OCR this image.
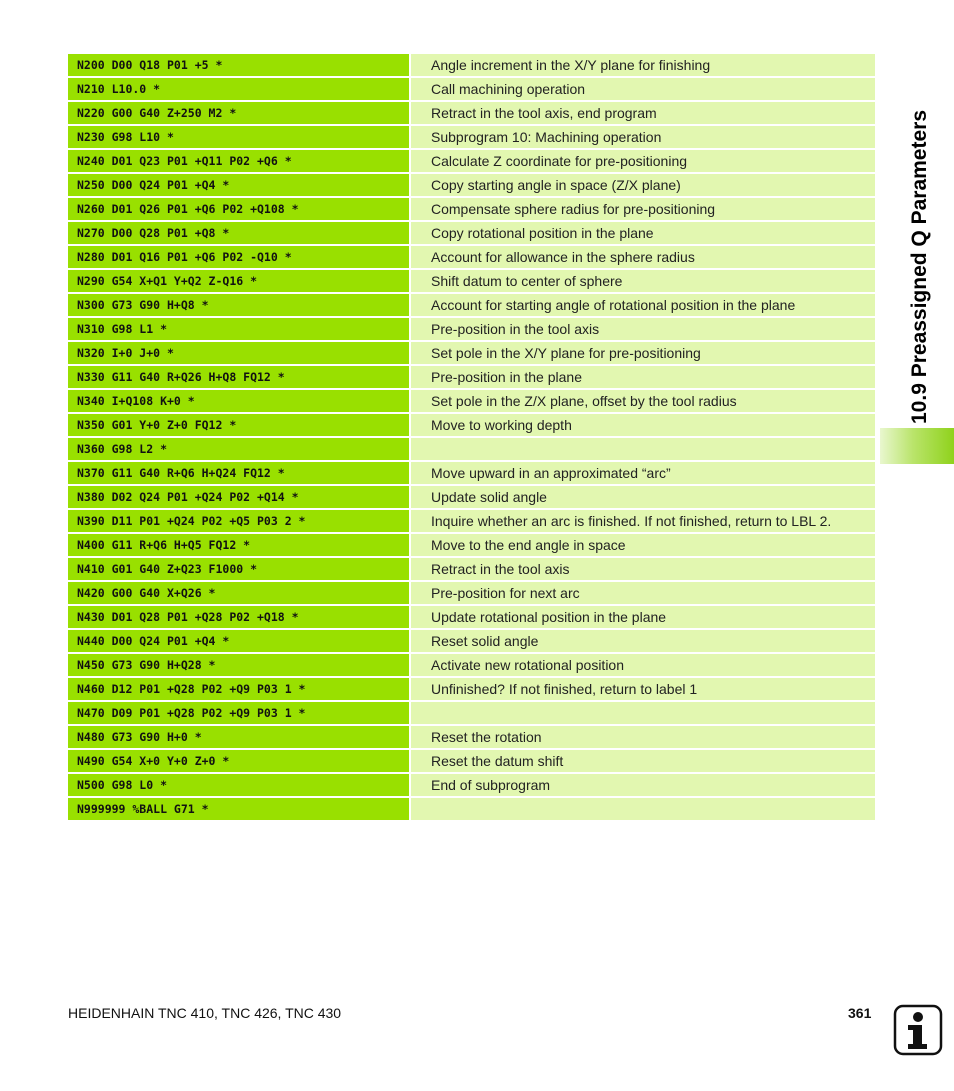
N200 D00 Q18 P01 +5 *	Angle increment in the X/Y plane for finishing
N210 L10.0 *	Call machining operation
N220 G00 G40 Z+250 M2 *	Retract in the tool axis, end program
N230 G98 L10 *	Subprogram 10: Machining operation
N240 D01 Q23 P01 +Q11 P02 +Q6 *	Calculate Z coordinate for pre-positioning
N250 D00 Q24 P01 +Q4 *	Copy starting angle in space (Z/X plane)
N260 D01 Q26 P01 +Q6 P02 +Q108 *	Compensate sphere radius for pre-positioning
N270 D00 Q28 P01 +Q8 *	Copy rotational position in the plane
N280 D01 Q16 P01 +Q6 P02 -Q10 *	Account for allowance in the sphere radius
N290 G54 X+Q1 Y+Q2 Z-Q16 *	Shift datum to center of sphere
N300 G73 G90 H+Q8 *	Account for starting angle of rotational position in the plane
N310 G98 L1 *	Pre-position in the tool axis
N320 I+0 J+0 *	Set pole in the X/Y plane for pre-positioning
N330 G11 G40 R+Q26 H+Q8 FQ12 *	Pre-position in the plane
N340 I+Q108 K+0 *	Set pole in the Z/X plane, offset by the tool radius
N350 G01 Y+0 Z+0 FQ12 *	Move to working depth
N360 G98 L2 *
N370 G11 G40 R+Q6 H+Q24 FQ12 *	Move upward in an approximated “arc”
N380 D02 Q24 P01 +Q24 P02 +Q14 *	Update solid angle
N390 D11 P01 +Q24 P02 +Q5 P03 2 *	Inquire whether an arc is finished. If not finished, return to LBL 2.
N400 G11 R+Q6 H+Q5 FQ12 *	Move to the end angle in space
N410 G01 G40 Z+Q23 F1000 *	Retract in the tool axis
N420 G00 G40 X+Q26 *	Pre-position for next arc
N430 D01 Q28 P01 +Q28 P02 +Q18 *	Update rotational position in the plane
N440 D00 Q24 P01 +Q4 *	Reset solid angle
N450 G73 G90 H+Q28 *	Activate new rotational position
N460 D12 P01 +Q28 P02 +Q9 P03 1 *	Unfinished? If not finished, return to label 1
N470 D09 P01 +Q28 P02 +Q9 P03 1 *
N480 G73 G90 H+0 *	Reset the rotation
N490 G54 X+0 Y+0 Z+0 *	Reset the datum shift
N500 G98 L0 *	End of subprogram
N999999 %BALL G71 *
10.9 Preassigned Q Parameters
HEIDENHAIN TNC 410, TNC 426, TNC 430	361
